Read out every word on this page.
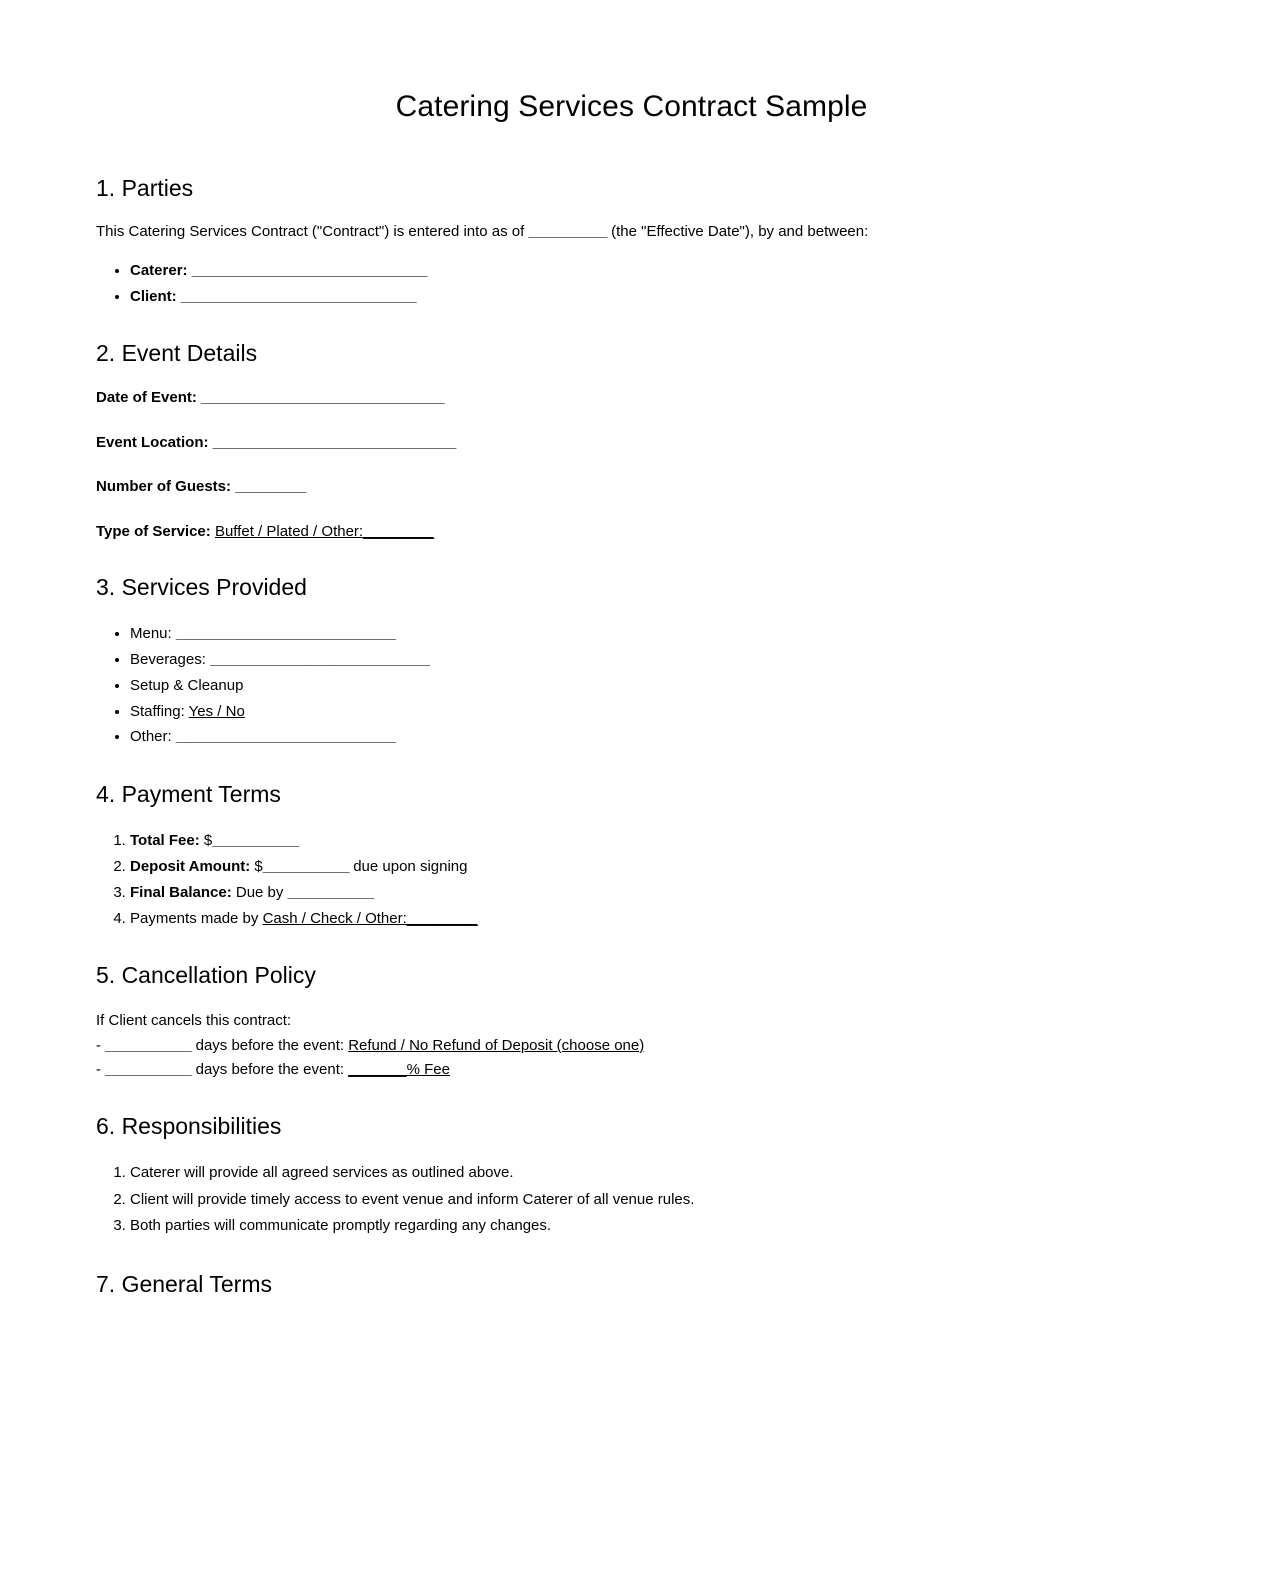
Catering Services Contract Sample
1. Parties

This Catering Services Contract ("Contract") is entered into as of __________ (the "Effective Date"), by and between:

• Caterer: ______________________________
• Client: ______________________________
2. Event Details

Date of Event: _______________________________

Event Location: _______________________________

Number of Guests: _________

Type of Service: Buffet / Plated / Other:_________

3. Services Provided
• Menu: ____________________________
• Beverages: ____________________________
• Setup & Cleanup
• Staffing: Yes / No
• Other: ____________________________
4. Payment Terms
1. Total Fee: $___________
2. Deposit Amount: $___________ due upon signing
3. Final Balance: Due by ___________
4. Payments made by Cash / Check / Other:_________
5. Cancellation Policy

If Client cancels this contract:

- ___________ days before the event: Refund / No Refund of Deposit (choose one)

- ___________ days before the event: _______% Fee

6. Responsibilities
1. Caterer will provide all agreed services as outlined above.
2. Client will provide timely access to event venue and inform Caterer of all venue rules.
3. Both parties will communicate promptly regarding any changes.
7. General Terms
